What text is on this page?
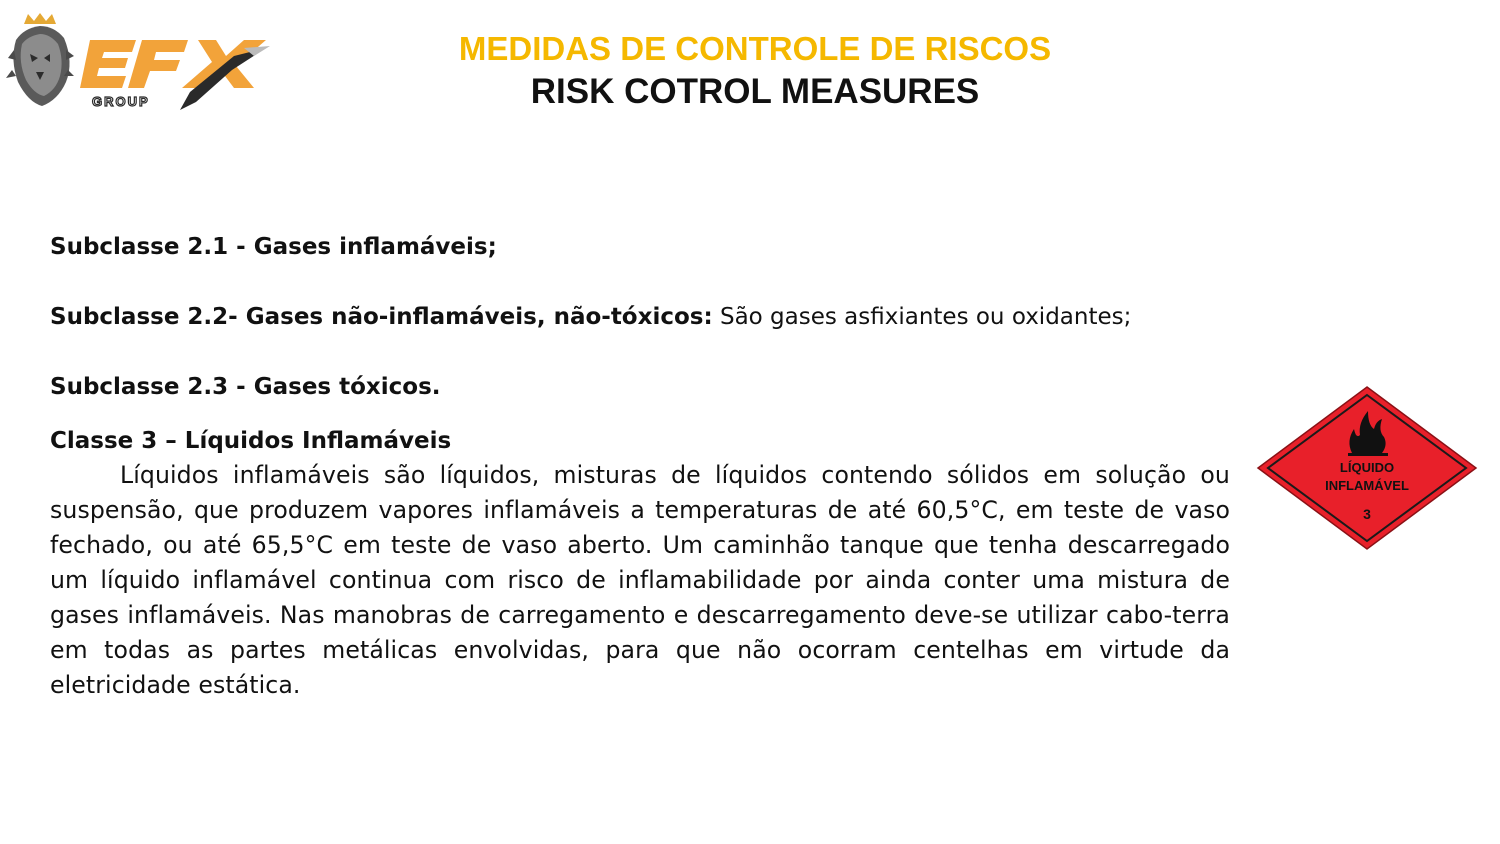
GROUP
EFX
MEDIDAS DE CONTROLE DE RISCOS
RISK COTROL MEASURES
Subclasse 2.1 - Gases inflamáveis;
Subclasse 2.2- Gases não-inflamáveis, não-tóxicos: São gases asfixiantes ou oxidantes;
Subclasse 2.3 - Gases tóxicos.
Classe 3 – Líquidos Inflamáveis
Líquidos inflamáveis são líquidos, misturas de líquidos contendo sólidos em solução ou suspensão, que produzem vapores inflamáveis a temperaturas de até 60,5°C, em teste de vaso fechado, ou até 65,5°C em teste de vaso aberto. Um caminhão tanque que tenha descarregado um líquido inflamável continua com risco de inflamabilidade por ainda conter uma mistura de gases inflamáveis. Nas manobras de carregamento e descarregamento deve-se utilizar cabo-terra em todas as partes metálicas envolvidas, para que não ocorram centelhas em virtude da eletricidade estática.
LÍQUIDO
INFLAMÁVEL
3
